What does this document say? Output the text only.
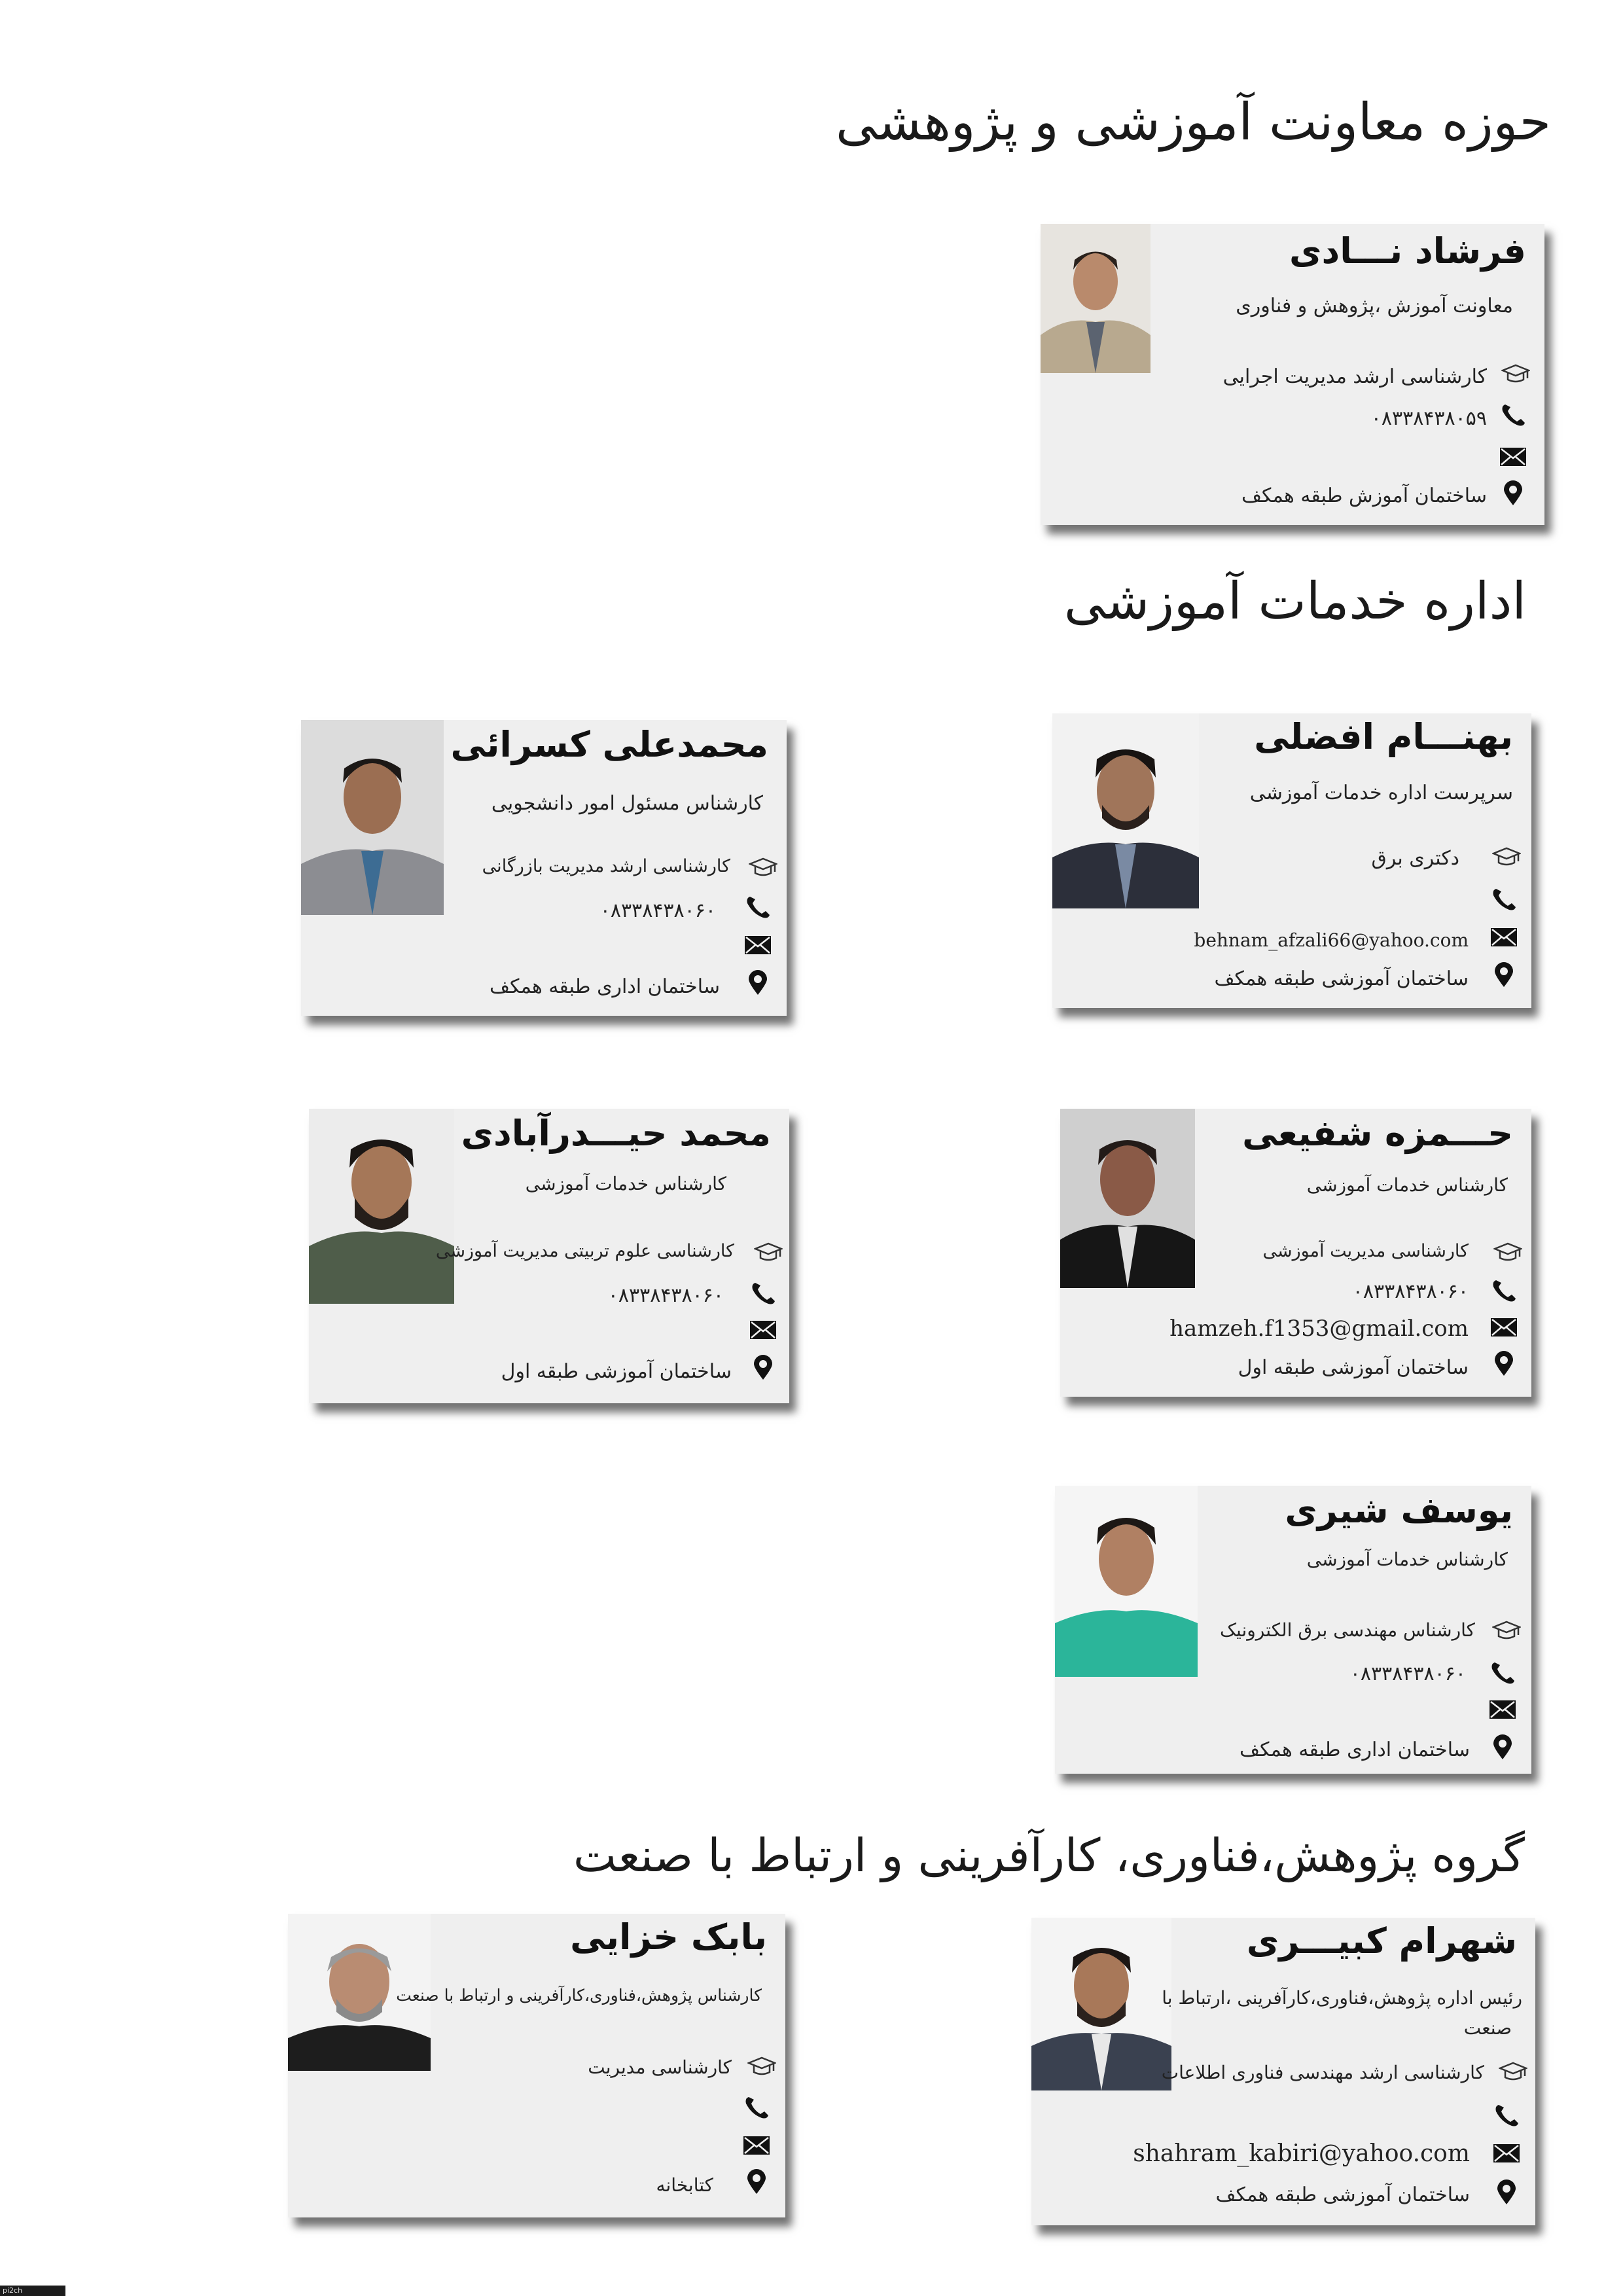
حوزه معاونت آموزشی و پژوهشی
اداره خدمات آموزشی
گروه پژوهش،فناوری، کارآفرینی و ارتباط با صنعت
فرشاد نـــادی
معاونت آموزش ،پژوهش و فناوری
کارشناسی ارشد مدیریت اجرایی
۰۸۳۳۸۴۳۸۰۵۹
ساختمان آموزش طبقه همکف
محمدعلی کسرائی
کارشناس مسئول امور دانشجویی
کارشناسی ارشد مدیریت بازرگانی
۰۸۳۳۸۴۳۸۰۶۰
ساختمان اداری طبقه همکف
بهنـــام افضلی
سرپرست اداره خدمات آموزشی
دکتری برق
behnam_afzali66@yahoo.com
ساختمان آموزشی طبقه همکف
محمد حیـــدرآبادی
کارشناس خدمات آموزشی
کارشناسی علوم تربیتی مدیریت آموزشی
۰۸۳۳۸۴۳۸۰۶۰
ساختمان آموزشی طبقه اول
حـــمزه شفیعی
کارشناس خدمات آموزشی
کارشناسی مدیریت آموزشی
۰۸۳۳۸۴۳۸۰۶۰
hamzeh.f1353@gmail.com
ساختمان آموزشی طبقه اول
یوسف شیری
کارشناس خدمات آموزشی
کارشناس مهندسی برق الکترونیک
۰۸۳۳۸۴۳۸۰۶۰
ساختمان اداری طبقه همکف
بابک خزایی
کارشناس پژوهش،فناوری،کارآفرینی و ارتباط با صنعت
کارشناسی مدیریت
کتابخانه
شهرام کبیـــری
رئیس اداره پژوهش،فناوری،کارآفرینی ،ارتباط با
صنعت
کارشناسی ارشد مهندسی فناوری اطلاعات
shahram_kabiri@yahoo.com
ساختمان آموزشی طبقه همکف
pi2ch
